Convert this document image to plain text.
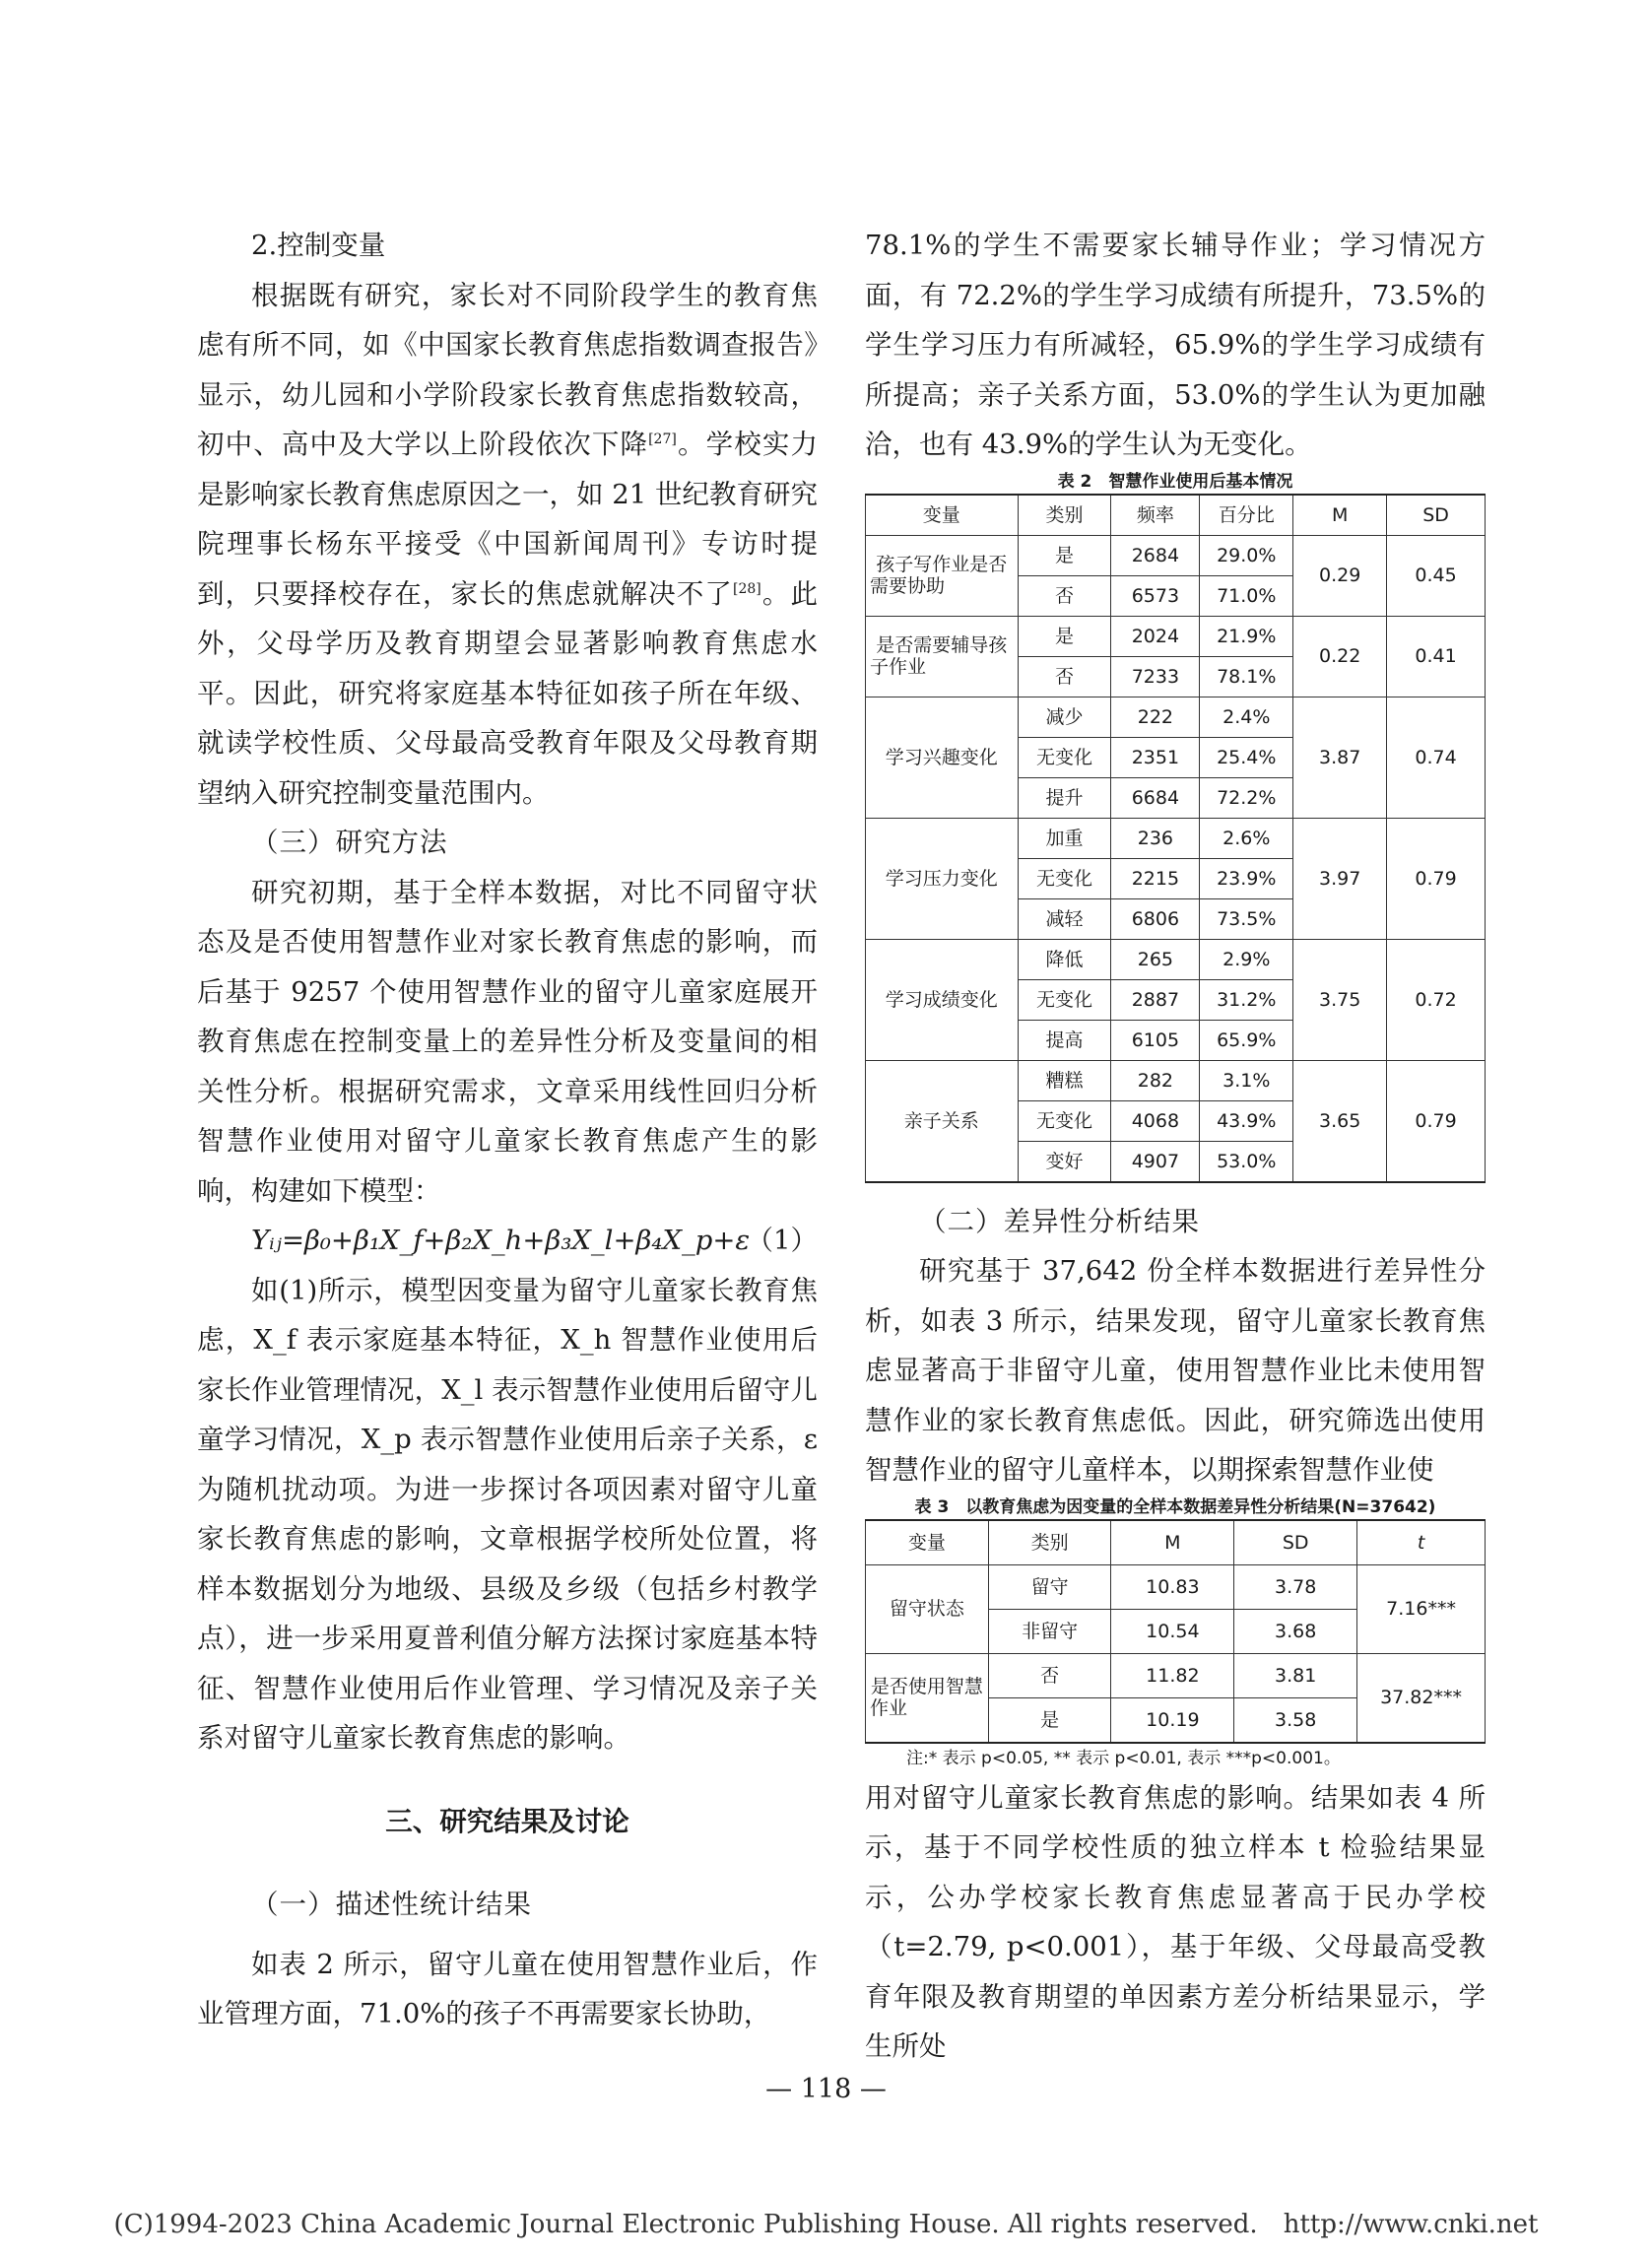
2.控制变量

根据既有研究，家长对不同阶段学生的教育焦虑有所不同，如《中国家长教育焦虑指数调查报告》显示，幼儿园和小学阶段家长教育焦虑指数较高，初中、高中及大学以上阶段依次下降[27]。学校实力是影响家长教育焦虑原因之一，如 21 世纪教育研究院理事长杨东平接受《中国新闻周刊》专访时提到，只要择校存在，家长的焦虑就解决不了[28]。此外，父母学历及教育期望会显著影响教育焦虑水平。因此，研究将家庭基本特征如孩子所在年级、就读学校性质、父母最高受教育年限及父母教育期望纳入研究控制变量范围内。

（三）研究方法

研究初期，基于全样本数据，对比不同留守状态及是否使用智慧作业对家长教育焦虑的影响，而后基于 9257 个使用智慧作业的留守儿童家庭展开教育焦虑在控制变量上的差异性分析及变量间的相关性分析。根据研究需求，文章采用线性回归分析智慧作业使用对留守儿童家长教育焦虑产生的影响，构建如下模型：

Yᵢⱼ=β₀+β₁X_f+β₂X_h+β₃X_l+β₄X_p+ε
（1）

如(1)所示，模型因变量为留守儿童家长教育焦虑，X_f 表示家庭基本特征，X_h 智慧作业使用后家长作业管理情况，X_l 表示智慧作业使用后留守儿童学习情况，X_p 表示智慧作业使用后亲子关系，ε 为随机扰动项。为进一步探讨各项因素对留守儿童家长教育焦虑的影响，文章根据学校所处位置，将样本数据划分为地级、县级及乡级（包括乡村教学点），进一步采用夏普利值分解方法探讨家庭基本特征、智慧作业使用后作业管理、学习情况及亲子关系对留守儿童家长教育焦虑的影响。

三、研究结果及讨论

（一）描述性统计结果

如表 2 所示，留守儿童在使用智慧作业后，作业管理方面，71.0%的孩子不再需要家长协助，

78.1%的学生不需要家长辅导作业；学习情况方面，有 72.2%的学生学习成绩有所提升，73.5%的学生学习压力有所减轻，65.9%的学生学习成绩有所提高；亲子关系方面，53.0%的学生认为更加融洽，也有 43.9%的学生认为无变化。

表 2　智慧作业使用后基本情况

变量	类别	频率	百分比	M	SD
孩子写作业是否需要协助	是	2684	29.0%	0.29	0.45
	否	6573	71.0%		
是否需要辅导孩子作业	是	2024	21.9%	0.22	0.41
	否	7233	78.1%		
学习兴趣变化	减少	222	2.4%	3.87	0.74
	无变化	2351	25.4%		
	提升	6684	72.2%		
学习压力变化	加重	236	2.6%	3.97	0.79
	无变化	2215	23.9%		
	减轻	6806	73.5%		
学习成绩变化	降低	265	2.9%	3.75	0.72
	无变化	2887	31.2%		
	提高	6105	65.9%		
亲子关系	糟糕	282	3.1%	3.65	0.79
	无变化	4068	43.9%		
	变好	4907	53.0%		

（二）差异性分析结果

研究基于 37,642 份全样本数据进行差异性分析，如表 3 所示，结果发现，留守儿童家长教育焦虑显著高于非留守儿童，使用智慧作业比未使用智慧作业的家长教育焦虑低。因此，研究筛选出使用智慧作业的留守儿童样本，以期探索智慧作业使

表 3　以教育焦虑为因变量的全样本数据差异性分析结果(N=37642)

变量	类别	M	SD	t
留守状态	留守	10.83	3.78	7.16***
	非留守	10.54	3.68	
是否使用智慧作业	否	11.82	3.81	37.82***
	是	10.19	3.58	

注:* 表示 p<0.05, ** 表示 p<0.01, 表示 ***p<0.001。

用对留守儿童家长教育焦虑的影响。结果如表 4 所示，基于不同学校性质的独立样本 t 检验结果显示，公办学校家长教育焦虑显著高于民办学校（t=2.79, p<0.001），基于年级、父母最高受教育年限及教育期望的单因素方差分析结果显示，学生所处

— 118 —
(C)1994-2023 China Academic Journal Electronic Publishing House. All rights reserved.　http://www.cnki.net
